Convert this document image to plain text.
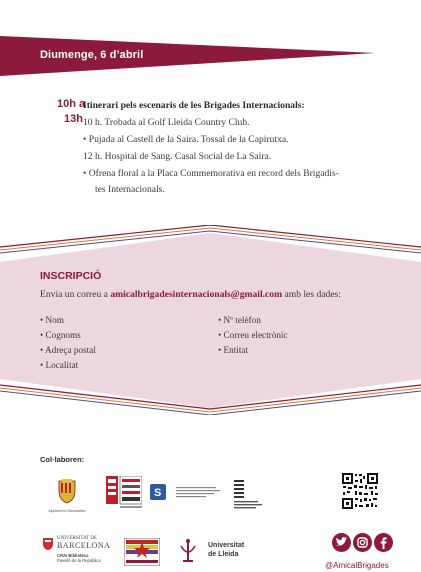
Diumenge, 6 d’abril
10h a
13h
Itinerari pels escenaris de les Brigades Internacionals:
10 h. Trobada al Golf Lleida Country Club.
• Pujada al Castell de la Saira. Tossal de la Capirutxa.
12 h. Hospital de Sang. Casal Social de La Saira.
• Ofrena floral a la Placa Commemorativa en record dels Brigadis-
tes Internacionals.
INSCRIPCIÓ
Envia un correu a amicalbrigadesinternacionals@gmail.com amb les dades:
• Nom
• Cognoms
• Adreça postal
• Localitat
• Nº telèfon
• Correu electrònic
• Entitat
Col·laboren:
Ajuntament d'Almacelles
S
UNIVERSITAT DE
BARCELONA
CRAI Biblioteca
Pavelló de la República
Universitat
de Lleida
@AmicalBrigades
